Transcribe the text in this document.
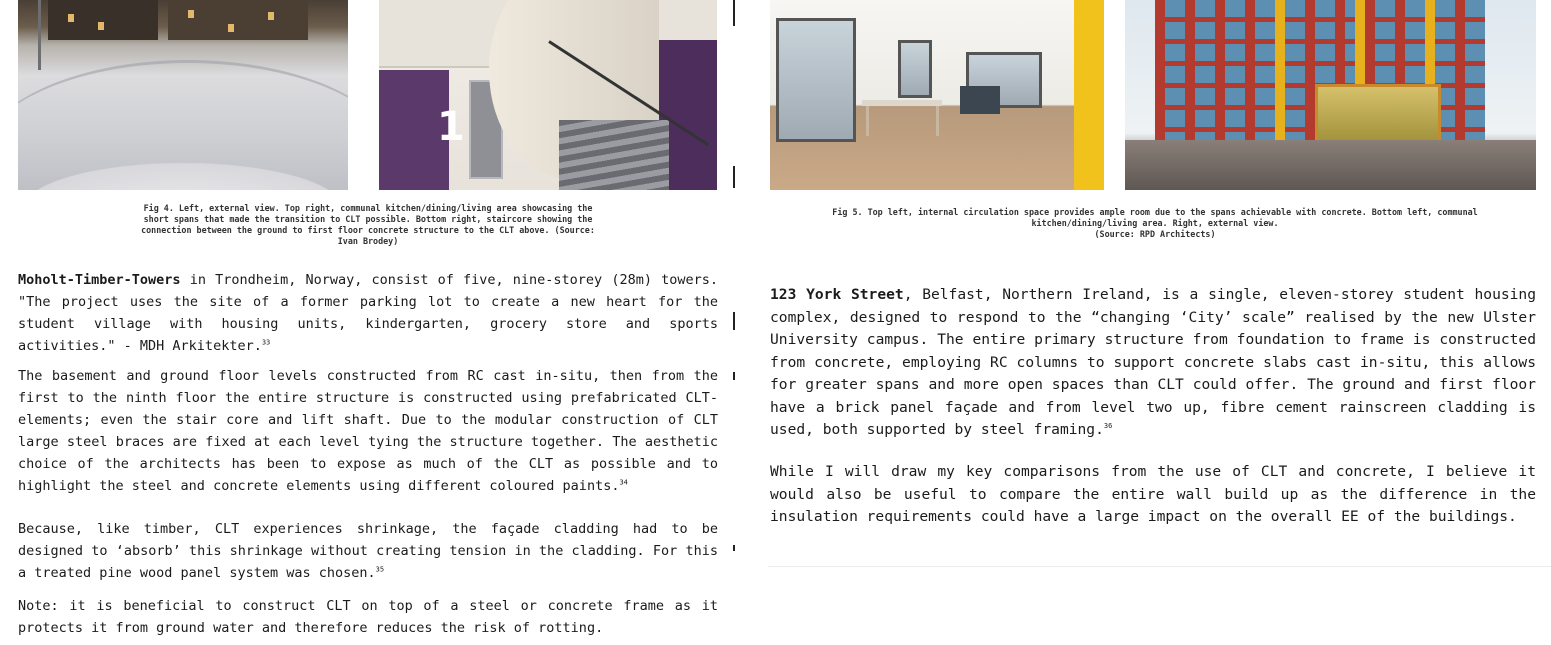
1
Fig 4. Left, external view. Top right, communal kitchen/dining/living area showcasing the
short spans that made the transition to CLT possible. Bottom right, staircore showing the
connection between the ground to first floor concrete structure to the CLT above. (Source:
Ivan Brodey)

Moholt-Timber-Towers in Trondheim, Norway, consist of five, nine-storey (28m) towers. "The project uses the site of a former parking lot to create a new heart for the student village with housing units, kindergarten, grocery store and sports activities." - MDH Arkitekter.$^{33}$

The basement and ground floor levels constructed from RC cast in-situ, then from the first to the ninth floor the entire structure is constructed using prefabricated CLT-elements; even the stair core and lift shaft. Due to the modular construction of CLT large steel braces are fixed at each level tying the structure together. The aesthetic choice of the architects has been to expose as much of the CLT as possible and to highlight the steel and concrete elements using different coloured paints.$^{34}$

Because, like timber, CLT experiences shrinkage, the façade cladding had to be designed to ‘absorb’ this shrinkage without creating tension in the cladding. For this a treated pine wood panel system was chosen.$^{35}$

Note: it is beneficial to construct CLT on top of a steel or concrete frame as it protects it from ground water and therefore reduces the risk of rotting.

Fig 5. Top left, internal circulation space provides ample room due to the spans achievable with concrete. Bottom left, communal kitchen/dining/living area. Right, external view.
(Source: RPD Architects)

123 York Street, Belfast, Northern Ireland, is a single, eleven-storey student housing complex, designed to respond to the “changing ‘City’ scale” realised by the new Ulster University campus. The entire primary structure from foundation to frame is constructed from concrete, employing RC columns to support concrete slabs cast in-situ, this allows for greater spans and more open spaces than CLT could offer. The ground and first floor have a brick panel façade and from level two up, fibre cement rainscreen cladding is used, both supported by steel framing.$^{36}$

While I will draw my key comparisons from the use of CLT and concrete, I believe it would also be useful to compare the entire wall build up as the difference in the insulation requirements could have a large impact on the overall EE of the buildings.
